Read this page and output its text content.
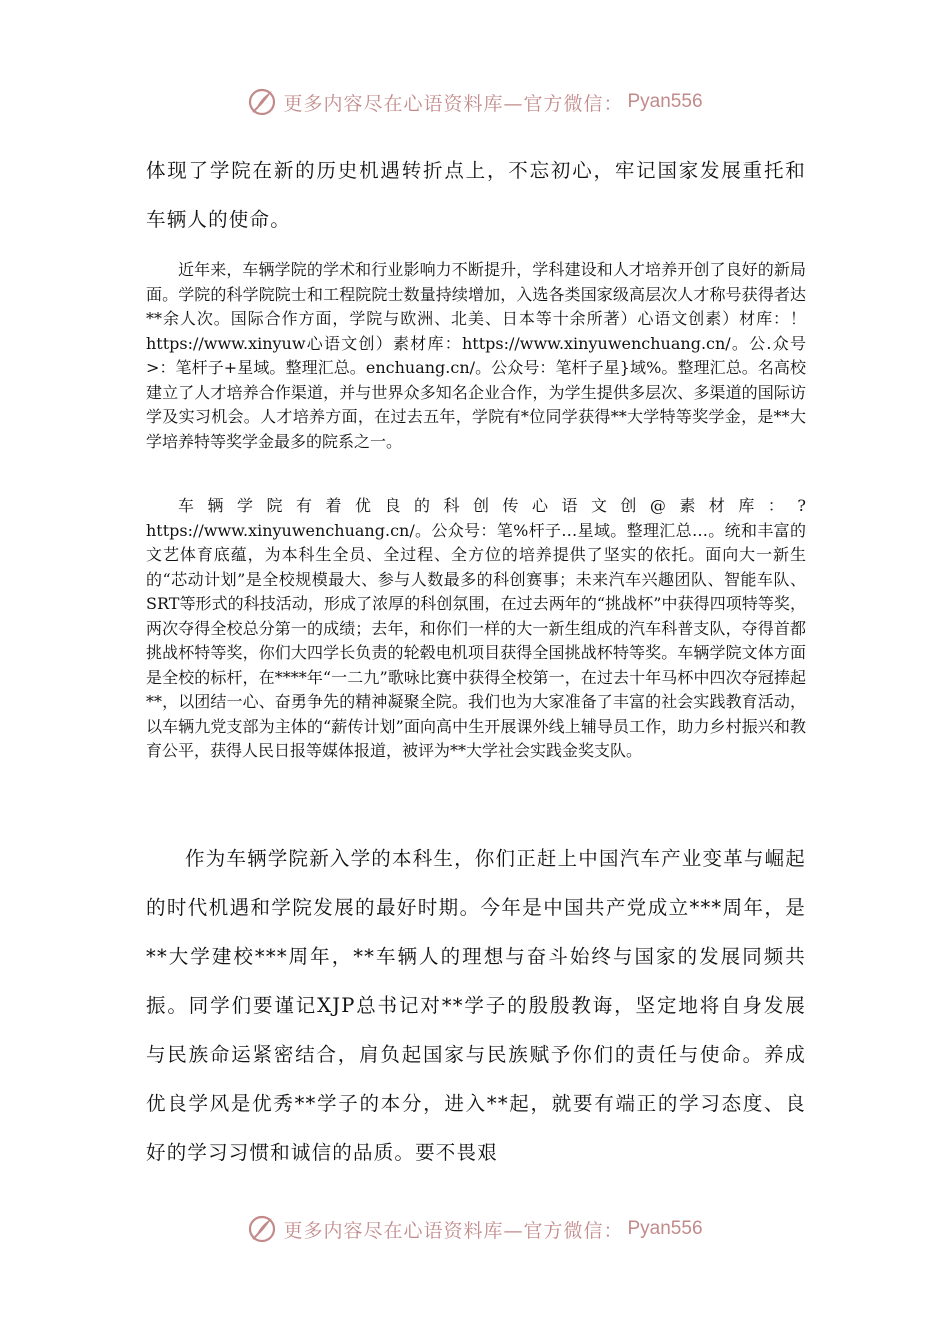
更多内容尽在心语资料库—官方微信： Pyan556

体现了学院在新的历史机遇转折点上，不忘初心，牢记国家发展重托和车辆人的使命。

近年来，车辆学院的学术和行业影响力不断提升，学科建设和人才培养开创了良好的新局面。学院的科学院院士和工程院院士数量持续增加，入选各类国家级高层次人才称号获得者达**余人次。国际合作方面，学院与欧洲、北美、日本等十余所著）心语文创素）材库：！https://www.xinyuw心语文创）素材库：https://www.xinyuwenchuang.cn/。公.众号>：笔杆子+星域。整理汇总。enchuang.cn/。公众号：笔杆子星}域%。整理汇总。名高校建立了人才培养合作渠道，并与世界众多知名企业合作，为学生提供多层次、多渠道的国际访学及实习机会。人才培养方面，在过去五年，学院有*位同学获得**大学特等奖学金，是**大学培养特等奖学金最多的院系之一。

车辆学院有着优良的科创传心语文创@素材库：?https://www.xinyuwenchuang.cn/。公众号：笔%杆子…星域。整理汇总…。统和丰富的文艺体育底蕴，为本科生全员、全过程、全方位的培养提供了坚实的依托。面向大一新生的“芯动计划”是全校规模最大、参与人数最多的科创赛事；未来汽车兴趣团队、智能车队、SRT等形式的科技活动，形成了浓厚的科创氛围，在过去两年的“挑战杯”中获得四项特等奖，两次夺得全校总分第一的成绩；去年，和你们一样的大一新生组成的汽车科普支队，夺得首都挑战杯特等奖，你们大四学长负责的轮毂电机项目获得全国挑战杯特等奖。车辆学院文体方面是全校的标杆，在****年“一二九”歌咏比赛中获得全校第一，在过去十年马杯中四次夺冠捧起**，以团结一心、奋勇争先的精神凝聚全院。我们也为大家准备了丰富的社会实践教育活动，以车辆九党支部为主体的“薪传计划”面向高中生开展课外线上辅导员工作，助力乡村振兴和教育公平，获得人民日报等媒体报道，被评为**大学社会实践金奖支队。

作为车辆学院新入学的本科生，你们正赶上中国汽车产业变革与崛起的时代机遇和学院发展的最好时期。今年是中国共产党成立***周年，是**大学建校***周年，**车辆人的理想与奋斗始终与国家的发展同频共振。同学们要谨记XJP总书记对**学子的殷殷教诲，坚定地将自身发展与民族命运紧密结合，肩负起国家与民族赋予你们的责任与使命。养成优良学风是优秀**学子的本分，进入**起，就要有端正的学习态度、良好的学习习惯和诚信的品质。要不畏艰

更多内容尽在心语资料库—官方微信： Pyan556
